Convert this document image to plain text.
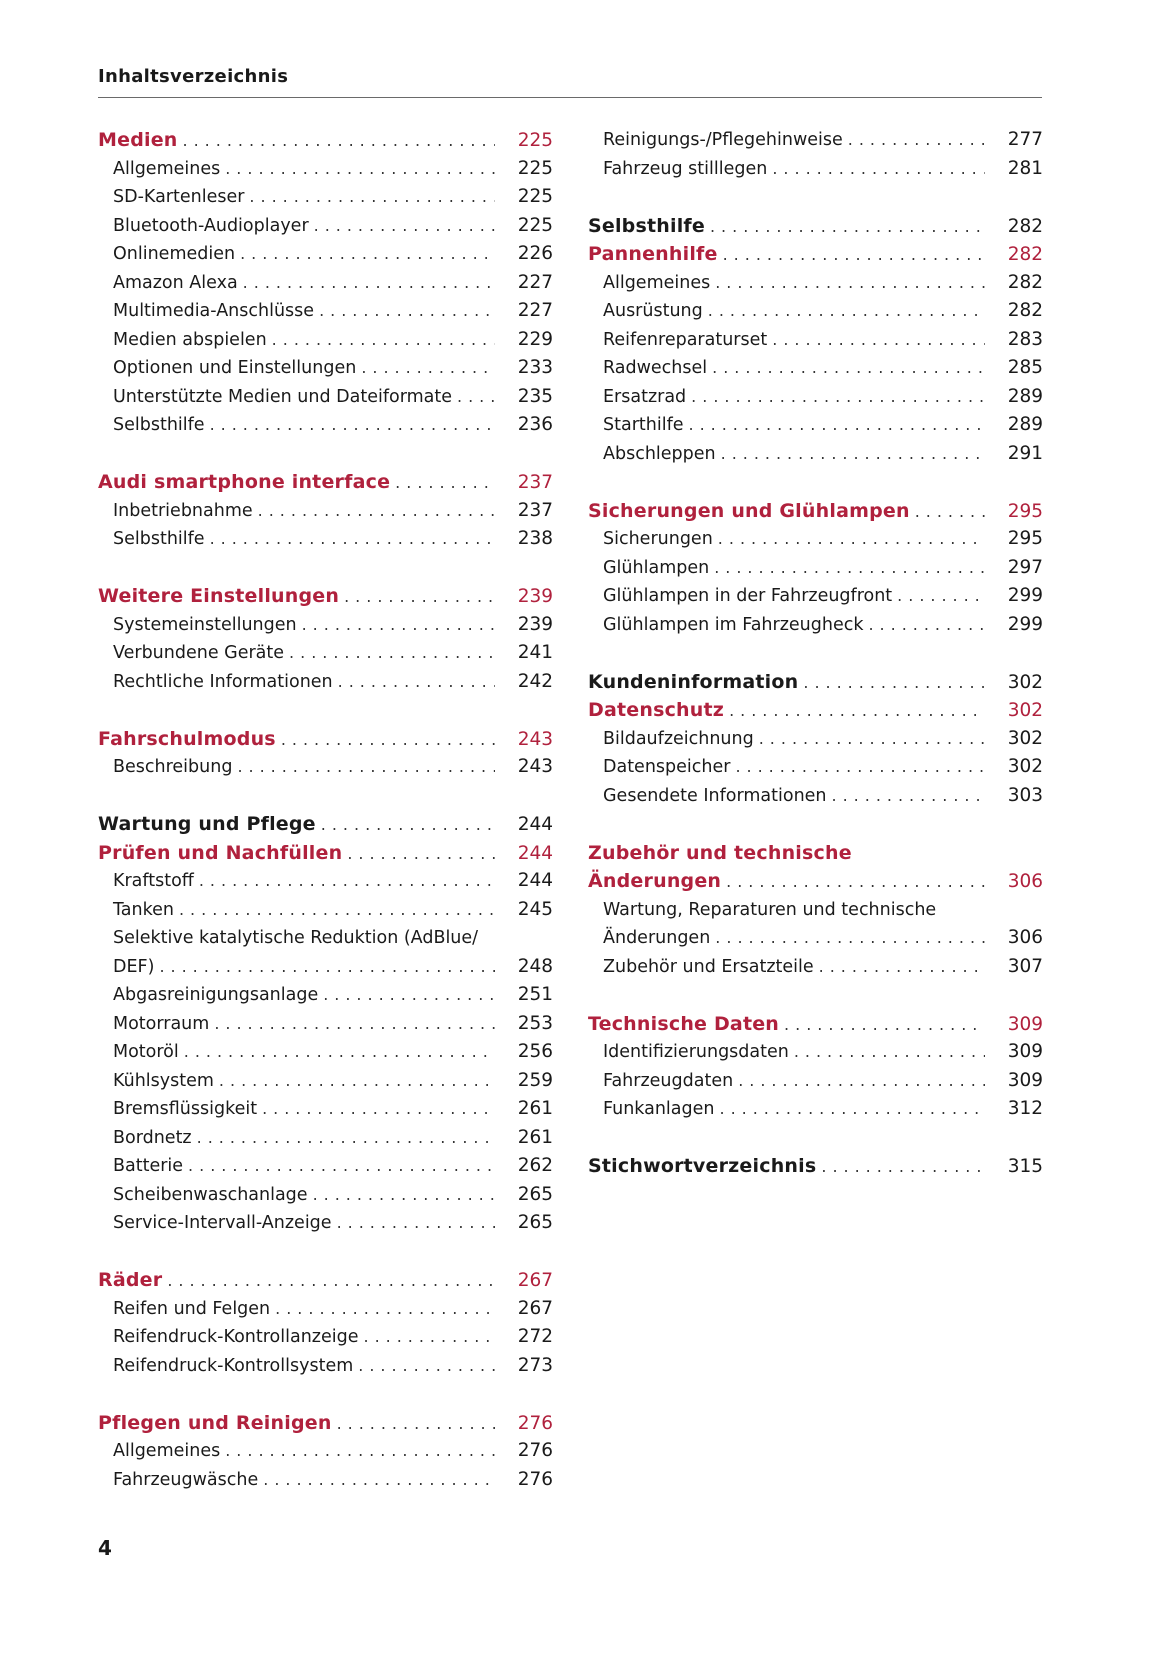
Inhaltsverzeichnis
Medien . . .	225
Allgemeines . . .	225
SD-Kartenleser . . .	225
Bluetooth-Audioplayer . . .	225
Onlinemedien . . .	226
Amazon Alexa . . .	227
Multimedia-Anschlüsse . . .	227
Medien abspielen . . .	229
Optionen und Einstellungen . . .	233
Unterstützte Medien und Dateiformate . . .	235
Selbsthilfe . . .	236
Audi smartphone interface . . .	237
Inbetriebnahme . . .	237
Selbsthilfe . . .	238
Weitere Einstellungen . . .	239
Systemeinstellungen . . .	239
Verbundene Geräte . . .	241
Rechtliche Informationen . . .	242
Fahrschulmodus . . .	243
Beschreibung . . .	243
Wartung und Pflege . . .	244
Prüfen und Nachfüllen . . .	244
Kraftstoff . . .	244
Tanken . . .	245
Selektive katalytische Reduktion (AdBlue/
DEF) . . .	248
Abgasreinigungsanlage . . .	251
Motorraum . . .	253
Motoröl . . .	256
Kühlsystem . . .	259
Bremsflüssigkeit . . .	261
Bordnetz . . .	261
Batterie . . .	262
Scheibenwaschanlage . . .	265
Service-Intervall-Anzeige . . .	265
Räder . . .	267
Reifen und Felgen . . .	267
Reifendruck-Kontrollanzeige . . .	272
Reifendruck-Kontrollsystem . . .	273
Pflegen und Reinigen . . .	276
Allgemeines . . .	276
Fahrzeugwäsche . . .	276
Reinigungs-/Pflegehinweise . . .	277
Fahrzeug stilllegen . . .	281
Selbsthilfe . . .	282
Pannenhilfe . . .	282
Allgemeines . . .	282
Ausrüstung . . .	282
Reifenreparaturset . . .	283
Radwechsel . . .	285
Ersatzrad . . .	289
Starthilfe . . .	289
Abschleppen . . .	291
Sicherungen und Glühlampen . . .	295
Sicherungen . . .	295
Glühlampen . . .	297
Glühlampen in der Fahrzeugfront . . .	299
Glühlampen im Fahrzeugheck . . .	299
Kundeninformation . . .	302
Datenschutz . . .	302
Bildaufzeichnung . . .	302
Datenspeicher . . .	302
Gesendete Informationen . . .	303
Zubehör und technische
Änderungen . . .	306
Wartung, Reparaturen und technische
Änderungen . . .	306
Zubehör und Ersatzteile . . .	307
Technische Daten . . .	309
Identifizierungsdaten . . .	309
Fahrzeugdaten . . .	309
Funkanlagen . . .	312
Stichwortverzeichnis . . .	315
4
